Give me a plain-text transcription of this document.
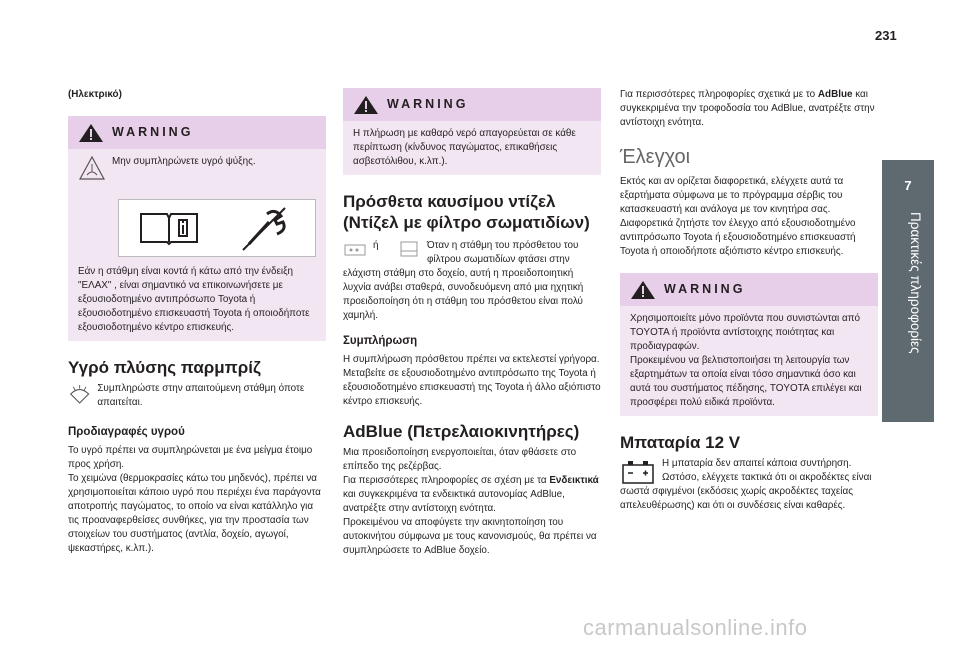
231
7
Πρακτικές πληροφορίες

(Ηλεκτρικό)

WARNING

Μην συμπληρώνετε υγρό ψύξης.

Εάν η στάθμη είναι κοντά ή κάτω από την ένδειξη "ΕΛΑΧ" , είναι σημαντικό να επικοινωνήσετε με εξουσιοδοτημένο αντιπρόσωπο Toyota ή εξουσιοδοτημένο επισκευαστή Toyota ή οποιοδήποτε εξουσιοδοτημένο κέντρο επισκευής.

Υγρό πλύσης παρμπρίζ

Συμπληρώστε στην απαιτούμενη στάθμη όποτε απαιτείται.

Προδιαγραφές υγρού

Το υγρό πρέπει να συμπληρώνεται με ένα μείγμα έτοιμο προς χρήση.

Το χειμώνα (θερμοκρασίες κάτω του μηδενός), πρέπει να χρησιμοποιείται κάποιο υγρό που περιέχει ένα παράγοντα αποτροπής παγώματος, το οποίο να είναι κατάλληλο για τις προαναφερθείσες συνθήκες, για την προστασία των στοιχείων του συστήματος (αντλία, δοχείο, αγωγοί, ψεκαστήρες, κ.λπ.).

WARNING

Η πλήρωση με καθαρό νερό απαγορεύεται σε κάθε περίπτωση (κίνδυνος παγώματος, επικαθήσεις ασβεστόλιθου, κ.λπ.).

Πρόσθετα καυσίμου ντίζελ (Ντίζελ με φίλτρο σωματιδίων)

ή	Όταν η στάθμη του πρόσθετου του φίλτρου σωματιδίων φτάσει στην

ελάχιστη στάθμη στο δοχείο, αυτή η προειδοποιητική λυχνία ανάβει σταθερά, συνοδευόμενη από μια ηχητική προειδοποίηση ότι η στάθμη του πρόσθετου είναι πολύ χαμηλή.

Συμπλήρωση

Η συμπλήρωση πρόσθετου πρέπει να εκτελεστεί γρήγορα.

Μεταβείτε σε εξουσιοδοτημένο αντιπρόσωπο της Toyota ή εξουσιοδοτημένο επισκευαστή της Toyota ή άλλο αξιόπιστο κέντρο επισκευής.

AdBlue (Πετρελαιοκινητήρες)

Μια προειδοποίηση ενεργοποιείται, όταν φθάσετε στο επίπεδο της ρεζέρβας.

Για περισσότερες πληροφορίες σε σχέση με τα Ενδεικτικά και συγκεκριμένα τα ενδεικτικά αυτονομίας AdBlue, ανατρέξτε στην αντίστοιχη ενότητα.

Προκειμένου να αποφύγετε την ακινητοποίηση του αυτοκινήτου σύμφωνα με τους κανονισμούς, θα πρέπει να συμπληρώσετε το AdBlue δοχείο.

Για περισσότερες πληροφορίες σχετικά με το AdBlue και συγκεκριμένα την τροφοδοσία του AdBlue, ανατρέξτε στην αντίστοιχη ενότητα.

Έλεγχοι

Εκτός και αν ορίζεται διαφορετικά, ελέγχετε αυτά τα εξαρτήματα σύμφωνα με το πρόγραμμα σέρβις του κατασκευαστή και ανάλογα με τον κινητήρα σας. Διαφορετικά ζητήστε τον έλεγχο από εξουσιοδοτημένο αντιπρόσωπο Toyota ή εξουσιοδοτημένο επισκευαστή Toyota ή οποιοδήποτε αξιόπιστο κέντρο επισκευής.

WARNING

Χρησιμοποιείτε μόνο προϊόντα που συνιστώνται από TOYOTA ή προϊόντα αντίστοιχης ποιότητας και προδιαγραφών.

Προκειμένου να βελτιστοποιήσει τη λειτουργία των εξαρτημάτων τα οποία είναι τόσο σημαντικά όσο και αυτά του συστήματος πέδησης, TOYOTA επιλέγει και προσφέρει πολύ ειδικά προϊόντα.

Μπαταρία 12 V

Η μπαταρία δεν απαιτεί κάποια συντήρηση. Ωστόσο, ελέγχετε τακτικά ότι οι ακροδέκτες είναι

σωστά σφιγμένοι (εκδόσεις χωρίς ακροδέκτες ταχείας απελευθέρωσης) και ότι οι συνδέσεις είναι καθαρές.

carmanualsonline.info
